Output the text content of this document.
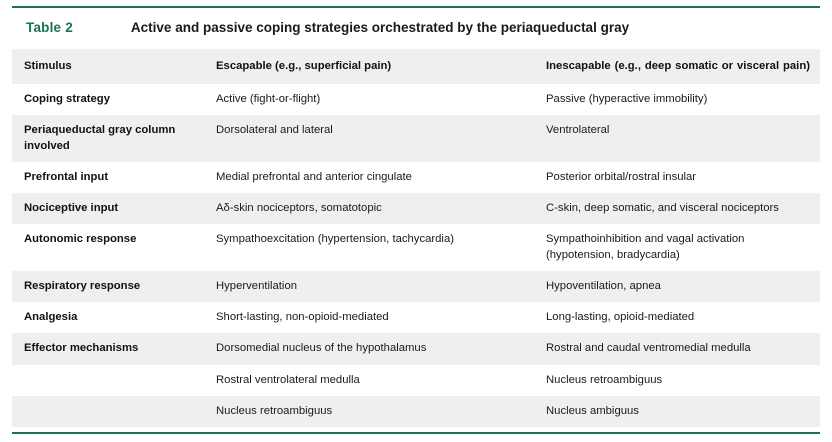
Table 2	Active and passive coping strategies orchestrated by the periaqueductal gray
Stimulus	Escapable (e.g., superficial pain)	Inescapable (e.g., deep somatic or visceral pain)
Coping strategy	Active (fight-or-flight)	Passive (hyperactive immobility)
Periaqueductal gray column involved	Dorsolateral and lateral	Ventrolateral
Prefrontal input	Medial prefrontal and anterior cingulate	Posterior orbital/rostral insular
Nociceptive input	Aδ-skin nociceptors, somatotopic	C-skin, deep somatic, and visceral nociceptors
Autonomic response	Sympathoexcitation (hypertension, tachycardia)	Sympathoinhibition and vagal activation (hypotension, bradycardia)
Respiratory response	Hyperventilation	Hypoventilation, apnea
Analgesia	Short-lasting, non-opioid-mediated	Long-lasting, opioid-mediated
Effector mechanisms	Dorsomedial nucleus of the hypothalamus	Rostral and caudal ventromedial medulla
	Rostral ventrolateral medulla	Nucleus retroambiguus
	Nucleus retroambiguus	Nucleus ambiguus
